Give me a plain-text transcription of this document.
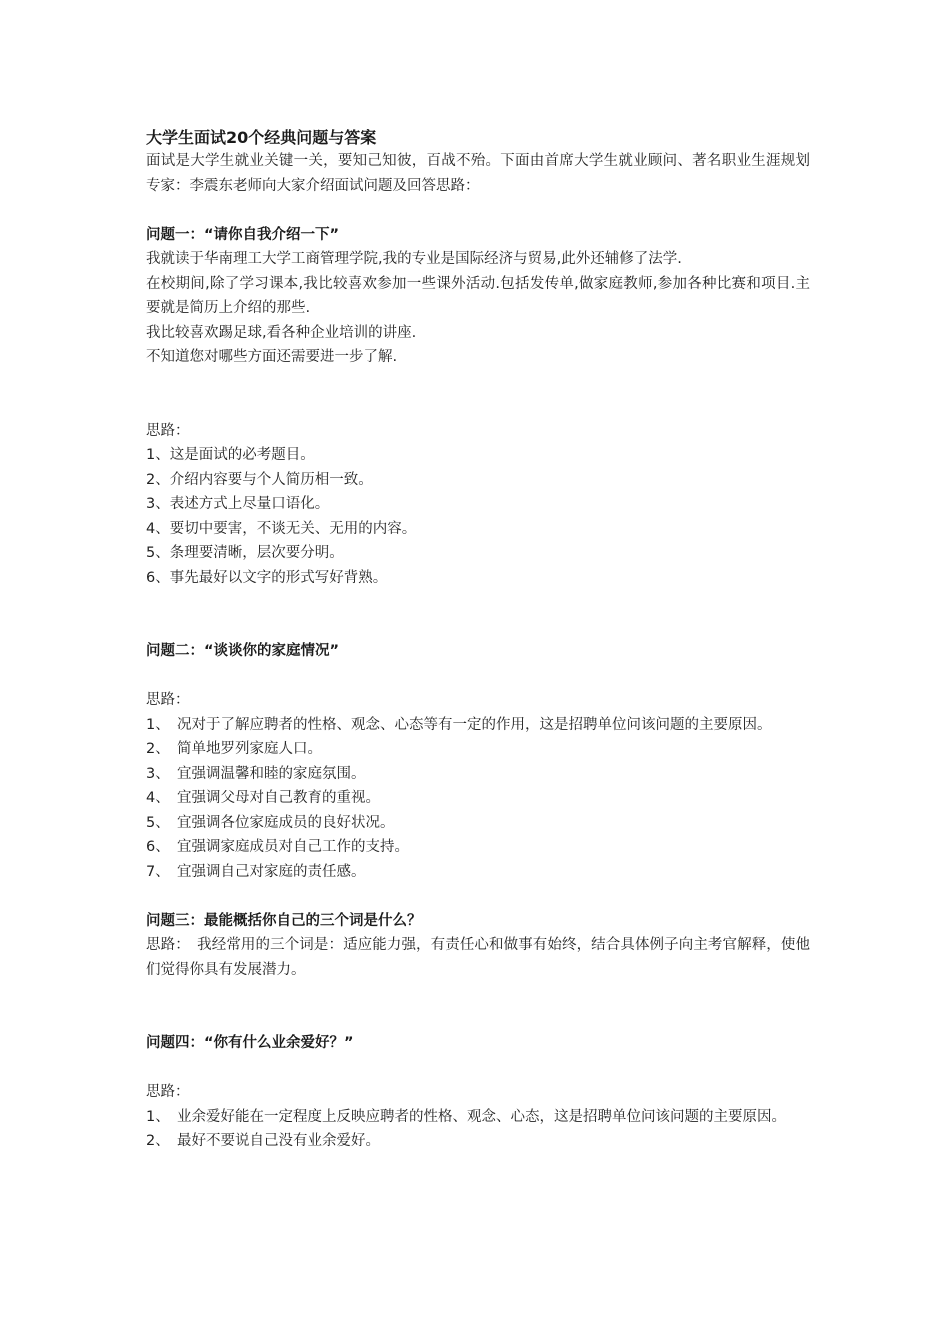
大学生面试20个经典问题与答案

面试是大学生就业关键一关，要知己知彼，百战不殆。下面由首席大学生就业顾问、著名职业生涯规划专家：李震东老师向大家介绍面试问题及回答思路：

问题一：“请你自我介绍一下”

我就读于华南理工大学工商管理学院,我的专业是国际经济与贸易,此外还辅修了法学.

在校期间,除了学习课本,我比较喜欢参加一些课外活动.包括发传单,做家庭教师,参加各种比赛和项目.主要就是简历上介绍的那些.

我比较喜欢踢足球,看各种企业培训的讲座.

不知道您对哪些方面还需要进一步了解.

思路：

1、这是面试的必考题目。

2、介绍内容要与个人简历相一致。

3、表述方式上尽量口语化。

4、要切中要害，不谈无关、无用的内容。

5、条理要清晰，层次要分明。

6、事先最好以文字的形式写好背熟。

问题二：“谈谈你的家庭情况”

思路：

1、　况对于了解应聘者的性格、观念、心态等有一定的作用，这是招聘单位问该问题的主要原因。

2、　简单地罗列家庭人口。

3、　宜强调温馨和睦的家庭氛围。

4、　宜强调父母对自己教育的重视。

5、　宜强调各位家庭成员的良好状况。

6、　宜强调家庭成员对自己工作的支持。

7、　宜强调自己对家庭的责任感。

问题三：最能概括你自己的三个词是什么？

思路：　我经常用的三个词是：适应能力强，有责任心和做事有始终，结合具体例子向主考官解释，使他们觉得你具有发展潜力。

问题四：“你有什么业余爱好？”

思路：

1、　业余爱好能在一定程度上反映应聘者的性格、观念、心态，这是招聘单位问该问题的主要原因。

2、　最好不要说自己没有业余爱好。
